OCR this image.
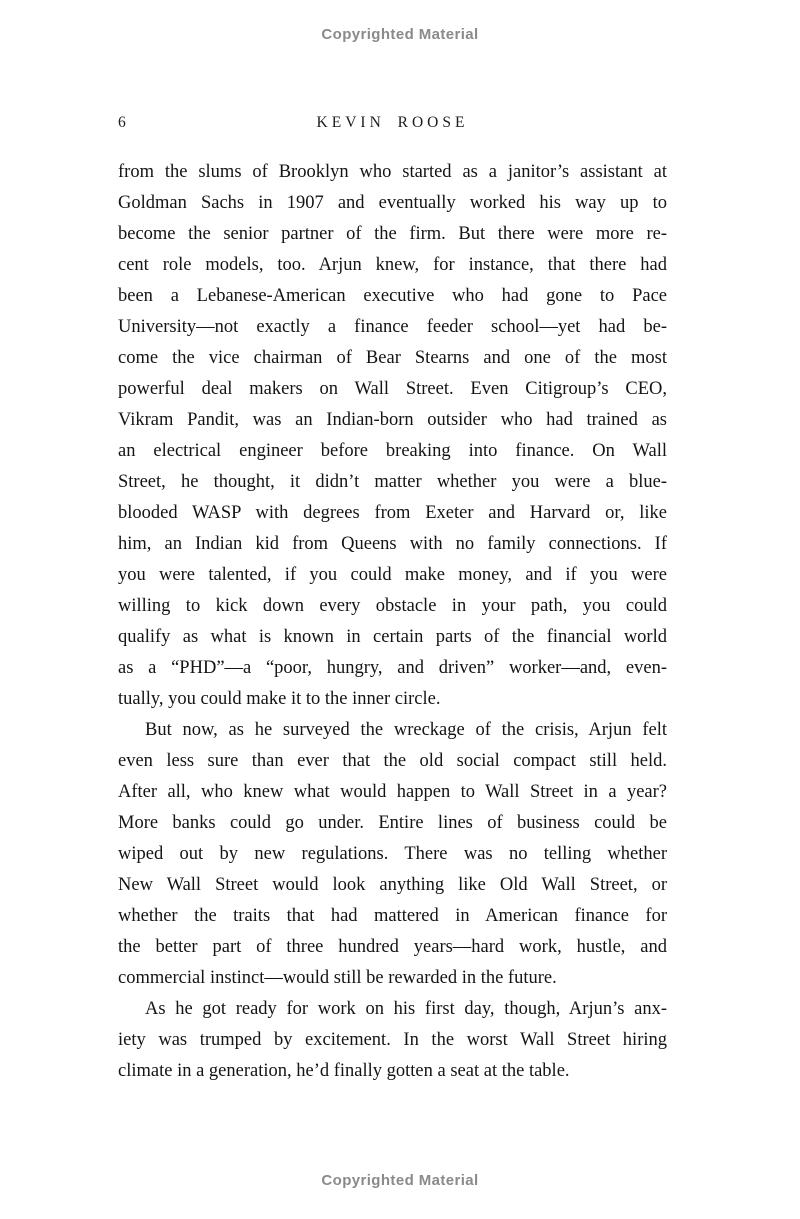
Copyrighted Material
6	KEVIN ROOSE
from the slums of Brooklyn who started as a janitor’s assistant at
Goldman Sachs in 1907 and eventually worked his way up to
become the senior partner of the firm. But there were more re-
cent role models, too. Arjun knew, for instance, that there had
been a Lebanese-American executive who had gone to Pace
University—not exactly a finance feeder school—yet had be-
come the vice chairman of Bear Stearns and one of the most
powerful deal makers on Wall Street. Even Citigroup’s CEO,
Vikram Pandit, was an Indian-born outsider who had trained as
an electrical engineer before breaking into finance. On Wall
Street, he thought, it didn’t matter whether you were a blue-
blooded WASP with degrees from Exeter and Harvard or, like
him, an Indian kid from Queens with no family connections. If
you were talented, if you could make money, and if you were
willing to kick down every obstacle in your path, you could
qualify as what is known in certain parts of the financial world
as a “PHD”—a “poor, hungry, and driven” worker—and, even-
tually, you could make it to the inner circle.
But now, as he surveyed the wreckage of the crisis, Arjun felt
even less sure than ever that the old social compact still held.
After all, who knew what would happen to Wall Street in a year?
More banks could go under. Entire lines of business could be
wiped out by new regulations. There was no telling whether
New Wall Street would look anything like Old Wall Street, or
whether the traits that had mattered in American finance for
the better part of three hundred years—hard work, hustle, and
commercial instinct—would still be rewarded in the future.
As he got ready for work on his first day, though, Arjun’s anx-
iety was trumped by excitement. In the worst Wall Street hiring
climate in a generation, he’d finally gotten a seat at the table.
Copyrighted Material
